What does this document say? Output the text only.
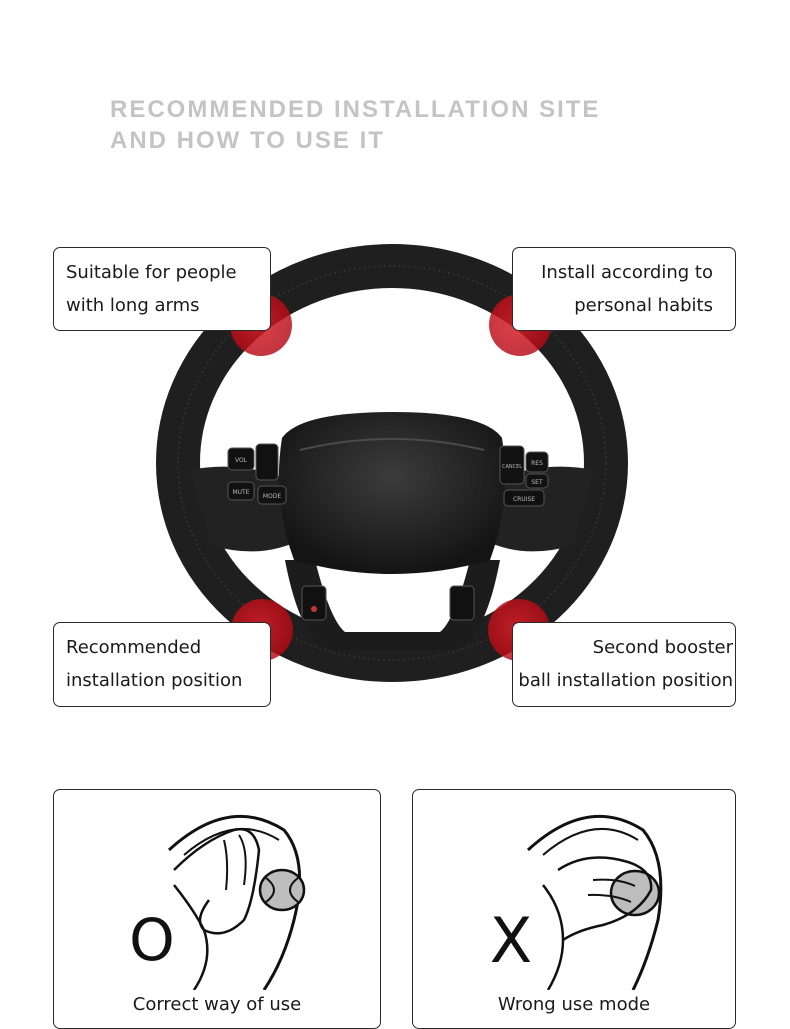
RECOMMENDED INSTALLATION SITE
AND HOW TO USE IT
VOL
MUTE
MODE
CANCEL RES
SET
CRUISE
Suitable for people
with long arms
Install according to
personal habits
Recommended
installation position
Second booster
ball installation position
O
Correct way of use
X
Wrong use mode
